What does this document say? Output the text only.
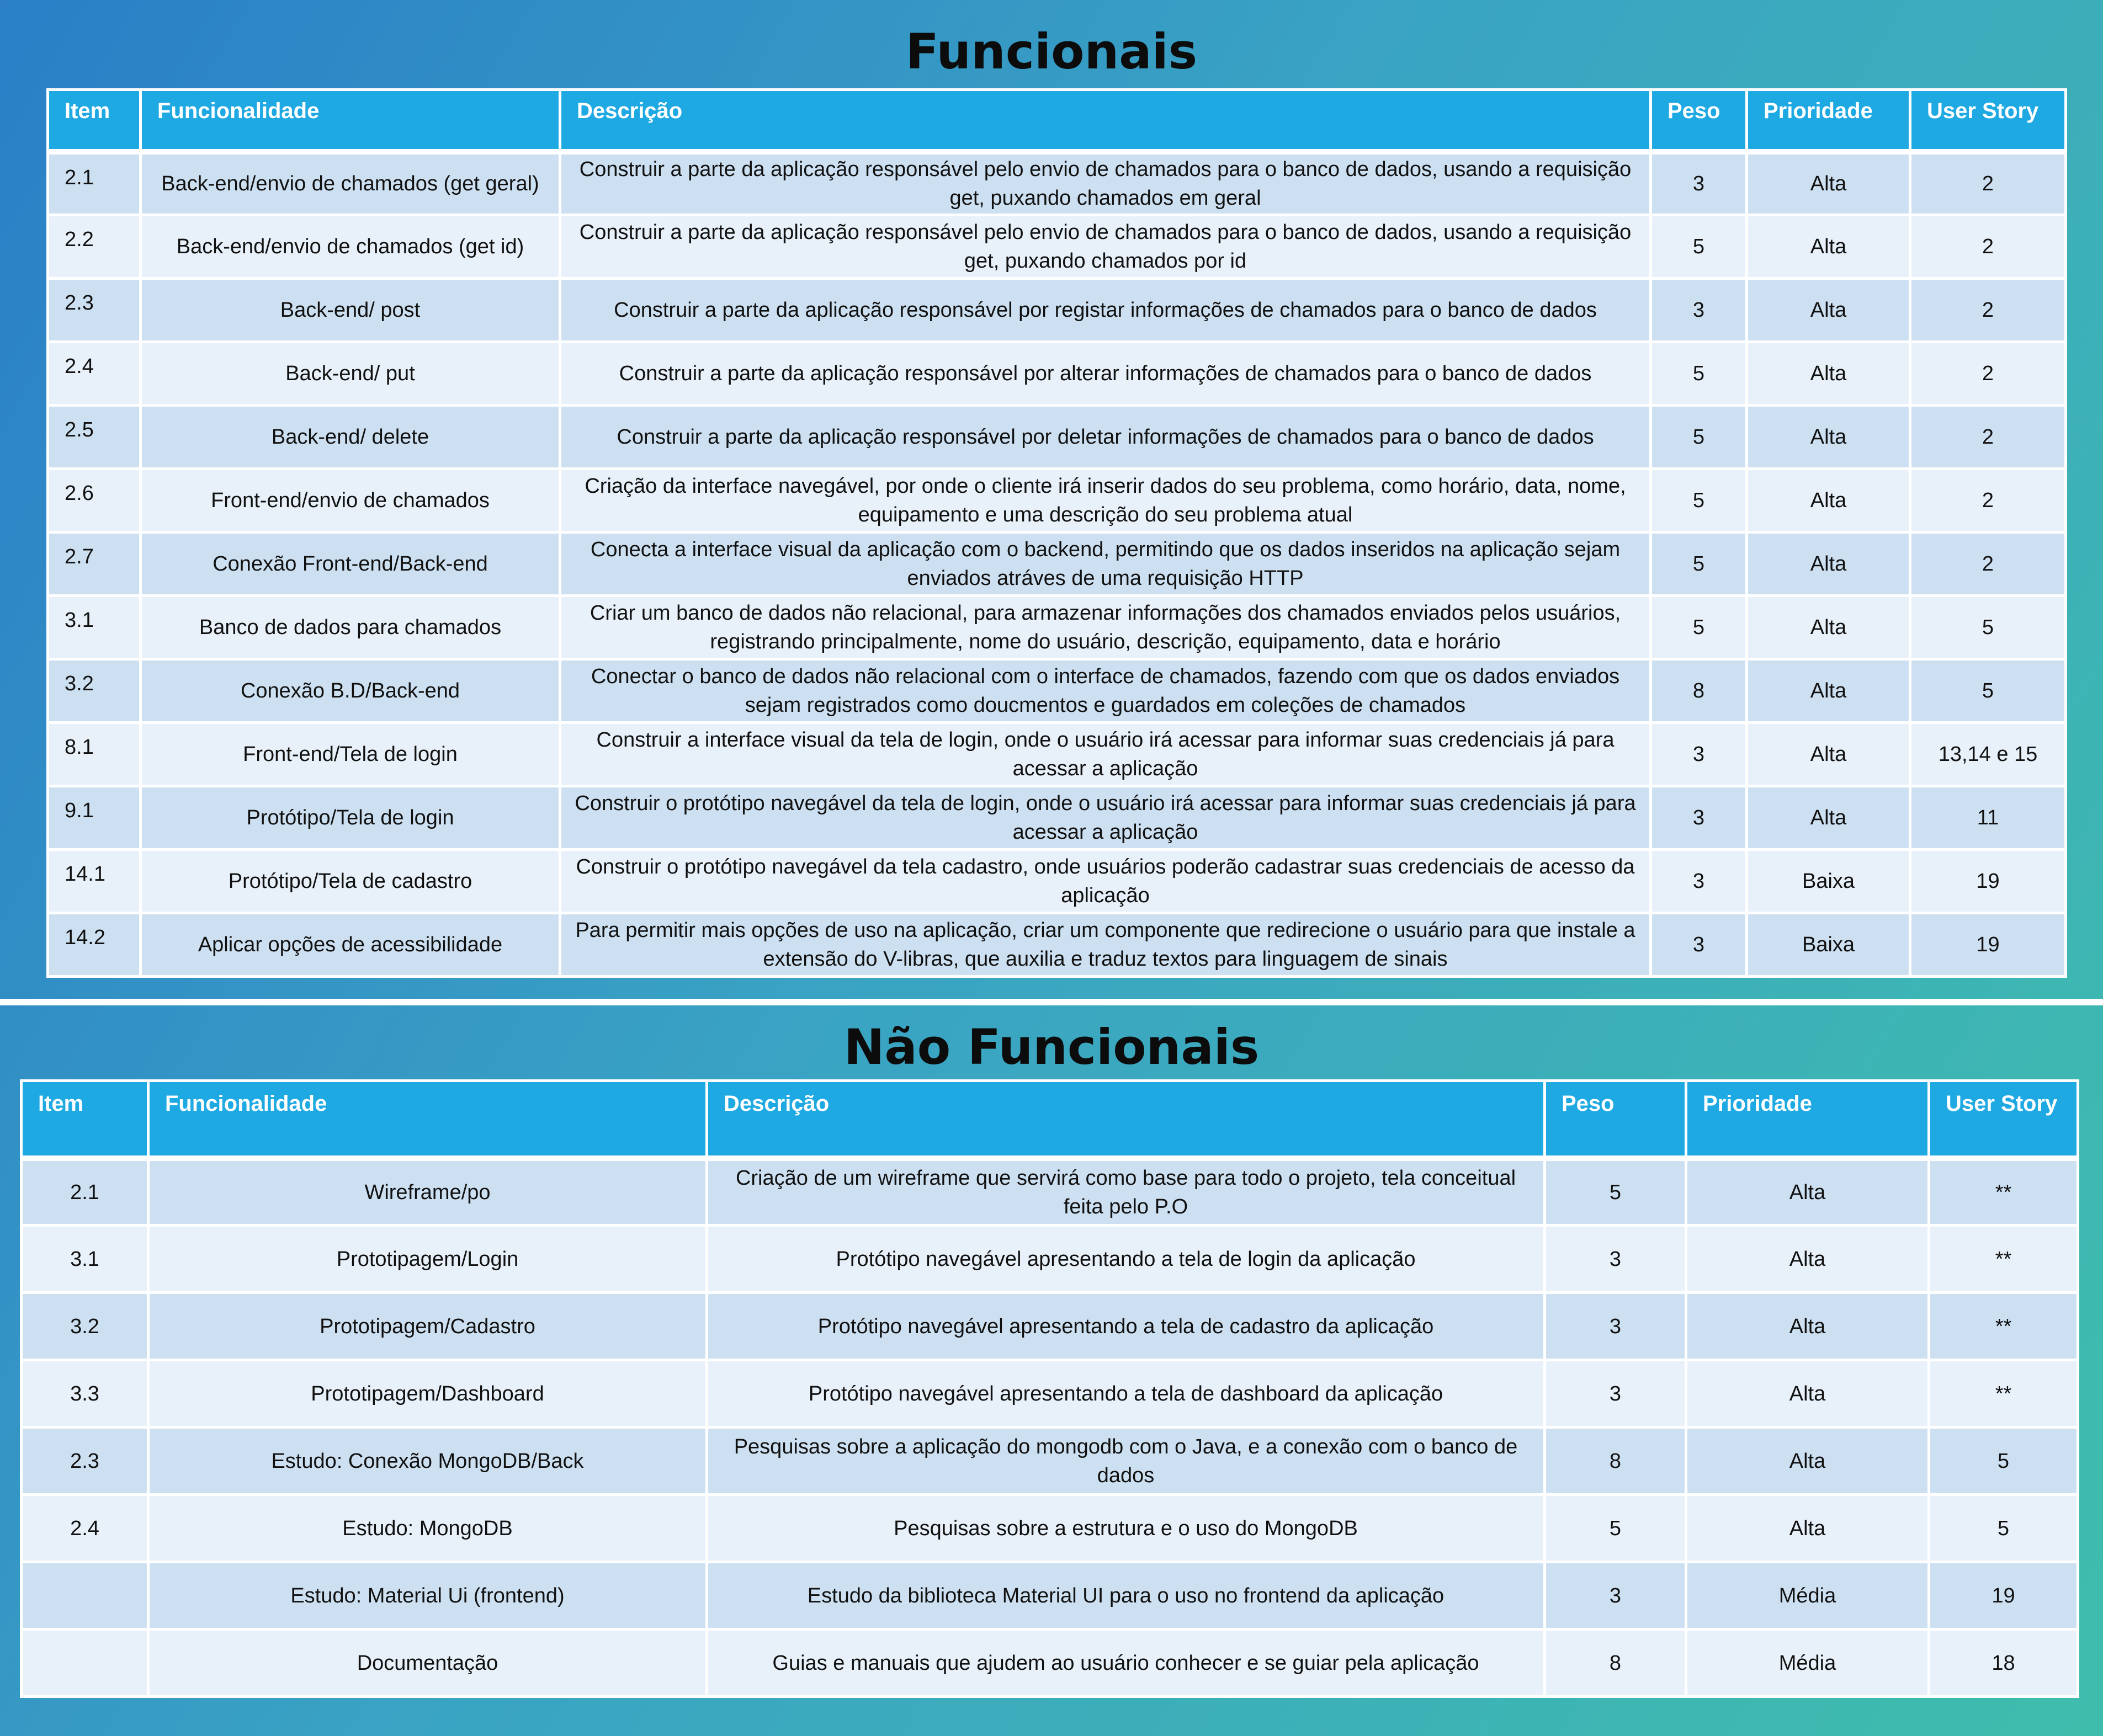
Funcionais
Item	Funcionalidade	Descrição	Peso	Prioridade	User Story
2.1	Back-end/envio de chamados (get geral)	Construir a parte da aplicação responsável pelo envio de chamados para o banco de dados, usando a requisição get, puxando chamados em geral	3	Alta	2
2.2	Back-end/envio de chamados (get id)	Construir a parte da aplicação responsável pelo envio de chamados para o banco de dados, usando a requisição get, puxando chamados por id	5	Alta	2
2.3	Back-end/ post	Construir a parte da aplicação responsável por registar informações de chamados para o banco de dados	3	Alta	2
2.4	Back-end/ put	Construir a parte da aplicação responsável por alterar informações de chamados para o banco de dados	5	Alta	2
2.5	Back-end/ delete	Construir a parte da aplicação responsável por deletar informações de chamados para o banco de dados	5	Alta	2
2.6	Front-end/envio de chamados	Criação da interface navegável, por onde o cliente irá inserir dados do seu problema, como horário, data, nome, equipamento e uma descrição do seu problema atual	5	Alta	2
2.7	Conexão Front-end/Back-end	Conecta a interface visual da aplicação com o backend, permitindo que os dados inseridos na aplicação sejam enviados atráves de uma requisição HTTP	5	Alta	2
3.1	Banco de dados para chamados	Criar um banco de dados não relacional, para armazenar informações dos chamados enviados pelos usuários, registrando principalmente, nome do usuário, descrição, equipamento, data e horário	5	Alta	5
3.2	Conexão B.D/Back-end	Conectar o banco de dados não relacional com o interface de chamados, fazendo com que os dados enviados sejam registrados como doucmentos e guardados em coleções de chamados	8	Alta	5
8.1	Front-end/Tela de login	Construir a interface visual da tela de login, onde o usuário irá acessar para informar suas credenciais já para acessar a aplicação	3	Alta	13,14 e 15
9.1	Protótipo/Tela de login	Construir o protótipo navegável da tela de login, onde o usuário irá acessar para informar suas credenciais já para acessar a aplicação	3	Alta	11
14.1	Protótipo/Tela de cadastro	Construir o protótipo navegável da tela cadastro, onde usuários poderão cadastrar suas credenciais de acesso da aplicação	3	Baixa	19
14.2	Aplicar opções de acessibilidade	Para permitir mais opções de uso na aplicação, criar um componente que redirecione o usuário para que instale a extensão do V-libras, que auxilia e traduz textos para linguagem de sinais	3	Baixa	19
Não Funcionais
Item	Funcionalidade	Descrição	Peso	Prioridade	User Story
2.1	Wireframe/po	Criação de um wireframe que servirá como base para todo o projeto, tela conceitual feita pelo P.O	5	Alta	**
3.1	Prototipagem/Login	Protótipo navegável apresentando a tela de login da aplicação	3	Alta	**
3.2	Prototipagem/Cadastro	Protótipo navegável apresentando a tela de cadastro da aplicação	3	Alta	**
3.3	Prototipagem/Dashboard	Protótipo navegável apresentando a tela de dashboard da aplicação	3	Alta	**
2.3	Estudo: Conexão MongoDB/Back	Pesquisas sobre a aplicação do mongodb com o Java, e a conexão com o banco de dados	8	Alta	5
2.4	Estudo: MongoDB	Pesquisas sobre a estrutura e o uso do MongoDB	5	Alta	5
	Estudo: Material Ui (frontend)	Estudo da biblioteca Material UI para o uso no frontend da aplicação	3	Média	19
	Documentação	Guias e manuais que ajudem ao usuário conhecer e se guiar pela aplicação	8	Média	18
